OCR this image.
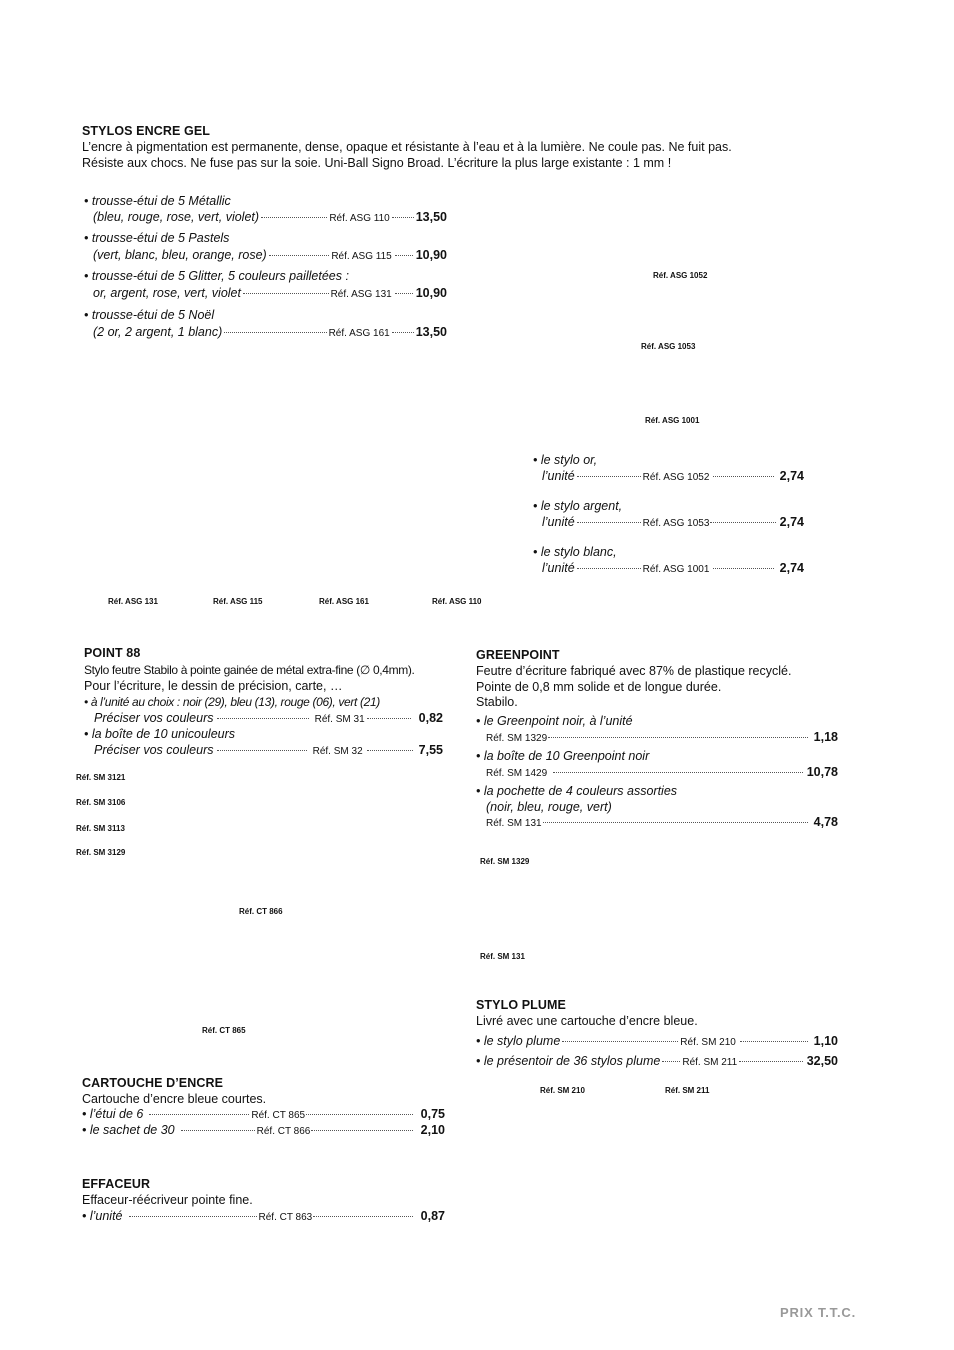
STYLOS ENCRE GEL
L’encre à pigmentation est permanente, dense, opaque et résistante à l’eau et à la lumière. Ne coule pas. Ne fuit pas.
Résiste aux chocs. Ne fuse pas sur la soie. Uni-Ball Signo Broad. L’écriture la plus large existante : 1 mm !
• trousse-étui de 5 Métallic
(bleu, rouge, rose, vert, violet)	Réf. ASG 110 13,50
• trousse-étui de 5 Pastels
(vert, blanc, bleu, orange, rose)	Réf. ASG 115 10,90
• trousse-étui de 5 Glitter, 5 couleurs pailletées :
or, argent, rose, vert, violet	Réf. ASG 131 10,90
• trousse-étui de 5 Noël
(2 or, 2 argent, 1 blanc)	Réf. ASG 161 13,50
Réf. ASG 1052
Réf. ASG 1053
Réf. ASG 1001
• le stylo or,
l’unité	Réf. ASG 1052	2,74
• le stylo argent,
l’unité	Réf. ASG 1053	2,74
• le stylo blanc,
l’unité	Réf. ASG 1001	2,74
Réf. ASG 131	Réf. ASG 115	Réf. ASG 161	Réf. ASG 110
POINT 88
Stylo feutre Stabilo à pointe gainée de métal extra-fine (∅ 0,4mm).
Pour l’écriture, le dessin de précision, carte, …
• à l’unité au choix : noir (29), bleu (13), rouge (06), vert (21)
Préciser vos couleurs	Réf. SM 31	0,82
• la boîte de 10 unicouleurs
Préciser vos couleurs	Réf. SM 32	7,55
Réf. SM 3121
Réf. SM 3106
Réf. SM 3113
Réf. SM 3129
Réf. CT 866
Réf. CT 865
CARTOUCHE D’ENCRE
Cartouche d’encre bleue courtes.
• l’étui de 6	Réf. CT 865	0,75
• le sachet de 30	Réf. CT 866	2,10
EFFACEUR
Effaceur-réécriveur pointe fine.
• l’unité	Réf. CT 863	0,87
GREENPOINT
Feutre d’écriture fabriqué avec 87% de plastique recyclé.
Pointe de 0,8 mm solide et de longue durée.
Stabilo.
• le Greenpoint noir, à l’unité
Réf. SM 1329	1,18
• la boîte de 10 Greenpoint noir
Réf. SM 1429	10,78
• la pochette de 4 couleurs assorties
(noir, bleu, rouge, vert)
Réf. SM 131	4,78
Réf. SM 1329
Réf. SM 131
STYLO PLUME
Livré avec une cartouche d’encre bleue.
• le stylo plume	Réf. SM 210	1,10
• le présentoir de 36 stylos plume Réf. SM 211	32,50
Réf. SM 210	Réf. SM 211
PRIX T.T.C.
